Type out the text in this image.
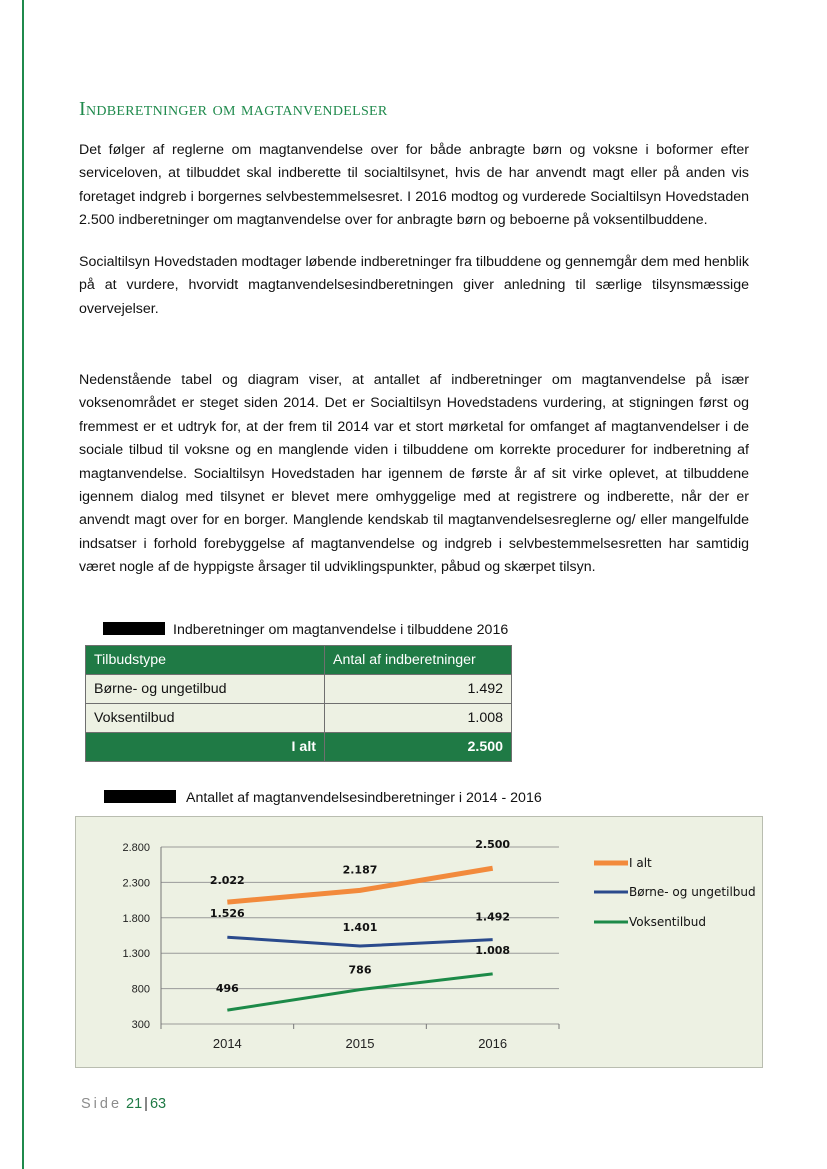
Indberetninger om magtanvendelser

Det følger af reglerne om magtanvendelse over for både anbragte børn og voksne i boformer efter serviceloven, at tilbuddet skal indberette til socialtilsynet, hvis de har anvendt magt eller på anden vis foretaget indgreb i borgernes selvbestemmelsesret. I 2016 modtog og vurderede Socialtilsyn Hovedstaden 2.500 indberetninger om magtanvendelse over for anbragte børn og beboerne på voksentilbuddene.

Socialtilsyn Hovedstaden modtager løbende indberetninger fra tilbuddene og gennemgår dem med henblik på at vurdere, hvorvidt magtanvendelsesindberetningen giver anledning til særlige tilsynsmæssige overvejelser.

Nedenstående tabel og diagram viser, at antallet af indberetninger om magtanvendelse på især voksenområdet er steget siden 2014. Det er Socialtilsyn Hovedstadens vurdering, at stigningen først og fremmest er et udtryk for, at der frem til 2014 var et stort mørketal for omfanget af magtanvendelser i de sociale tilbud til voksne og en manglende viden i tilbuddene om korrekte procedurer for indberetning af magtanvendelse. Socialtilsyn Hovedstaden har igennem de første år af sit virke oplevet, at tilbuddene igennem dialog med tilsynet er blevet mere omhyggelige med at registrere og indberette, når der er anvendt magt over for en borger. Manglende kendskab til magtanvendelsesreglerne og/ eller mangelfulde indsatser i forhold forebyggelse af magtanvendelse og indgreb i selvbestemmelsesretten har samtidig været nogle af de hyppigste årsager til udviklingspunkter, påbud og skærpet tilsyn.

Indberetninger om magtanvendelse i tilbuddene 2016
Tilbudstype	Antal af indberetninger
Børne- og ungetilbud	1.492
Voksentilbud	1.008
I alt	2.500
Antallet af magtanvendelsesindberetninger i 2014 - 2016
300
800
1.300
1.800
2.300
2.800
2014	2015	2016
2.022
2.187
2.500
1.526
1.401
1.492
496
786
1.008
I alt
Børne- og ungetilbud
Voksentilbud
Side 21 | 63
